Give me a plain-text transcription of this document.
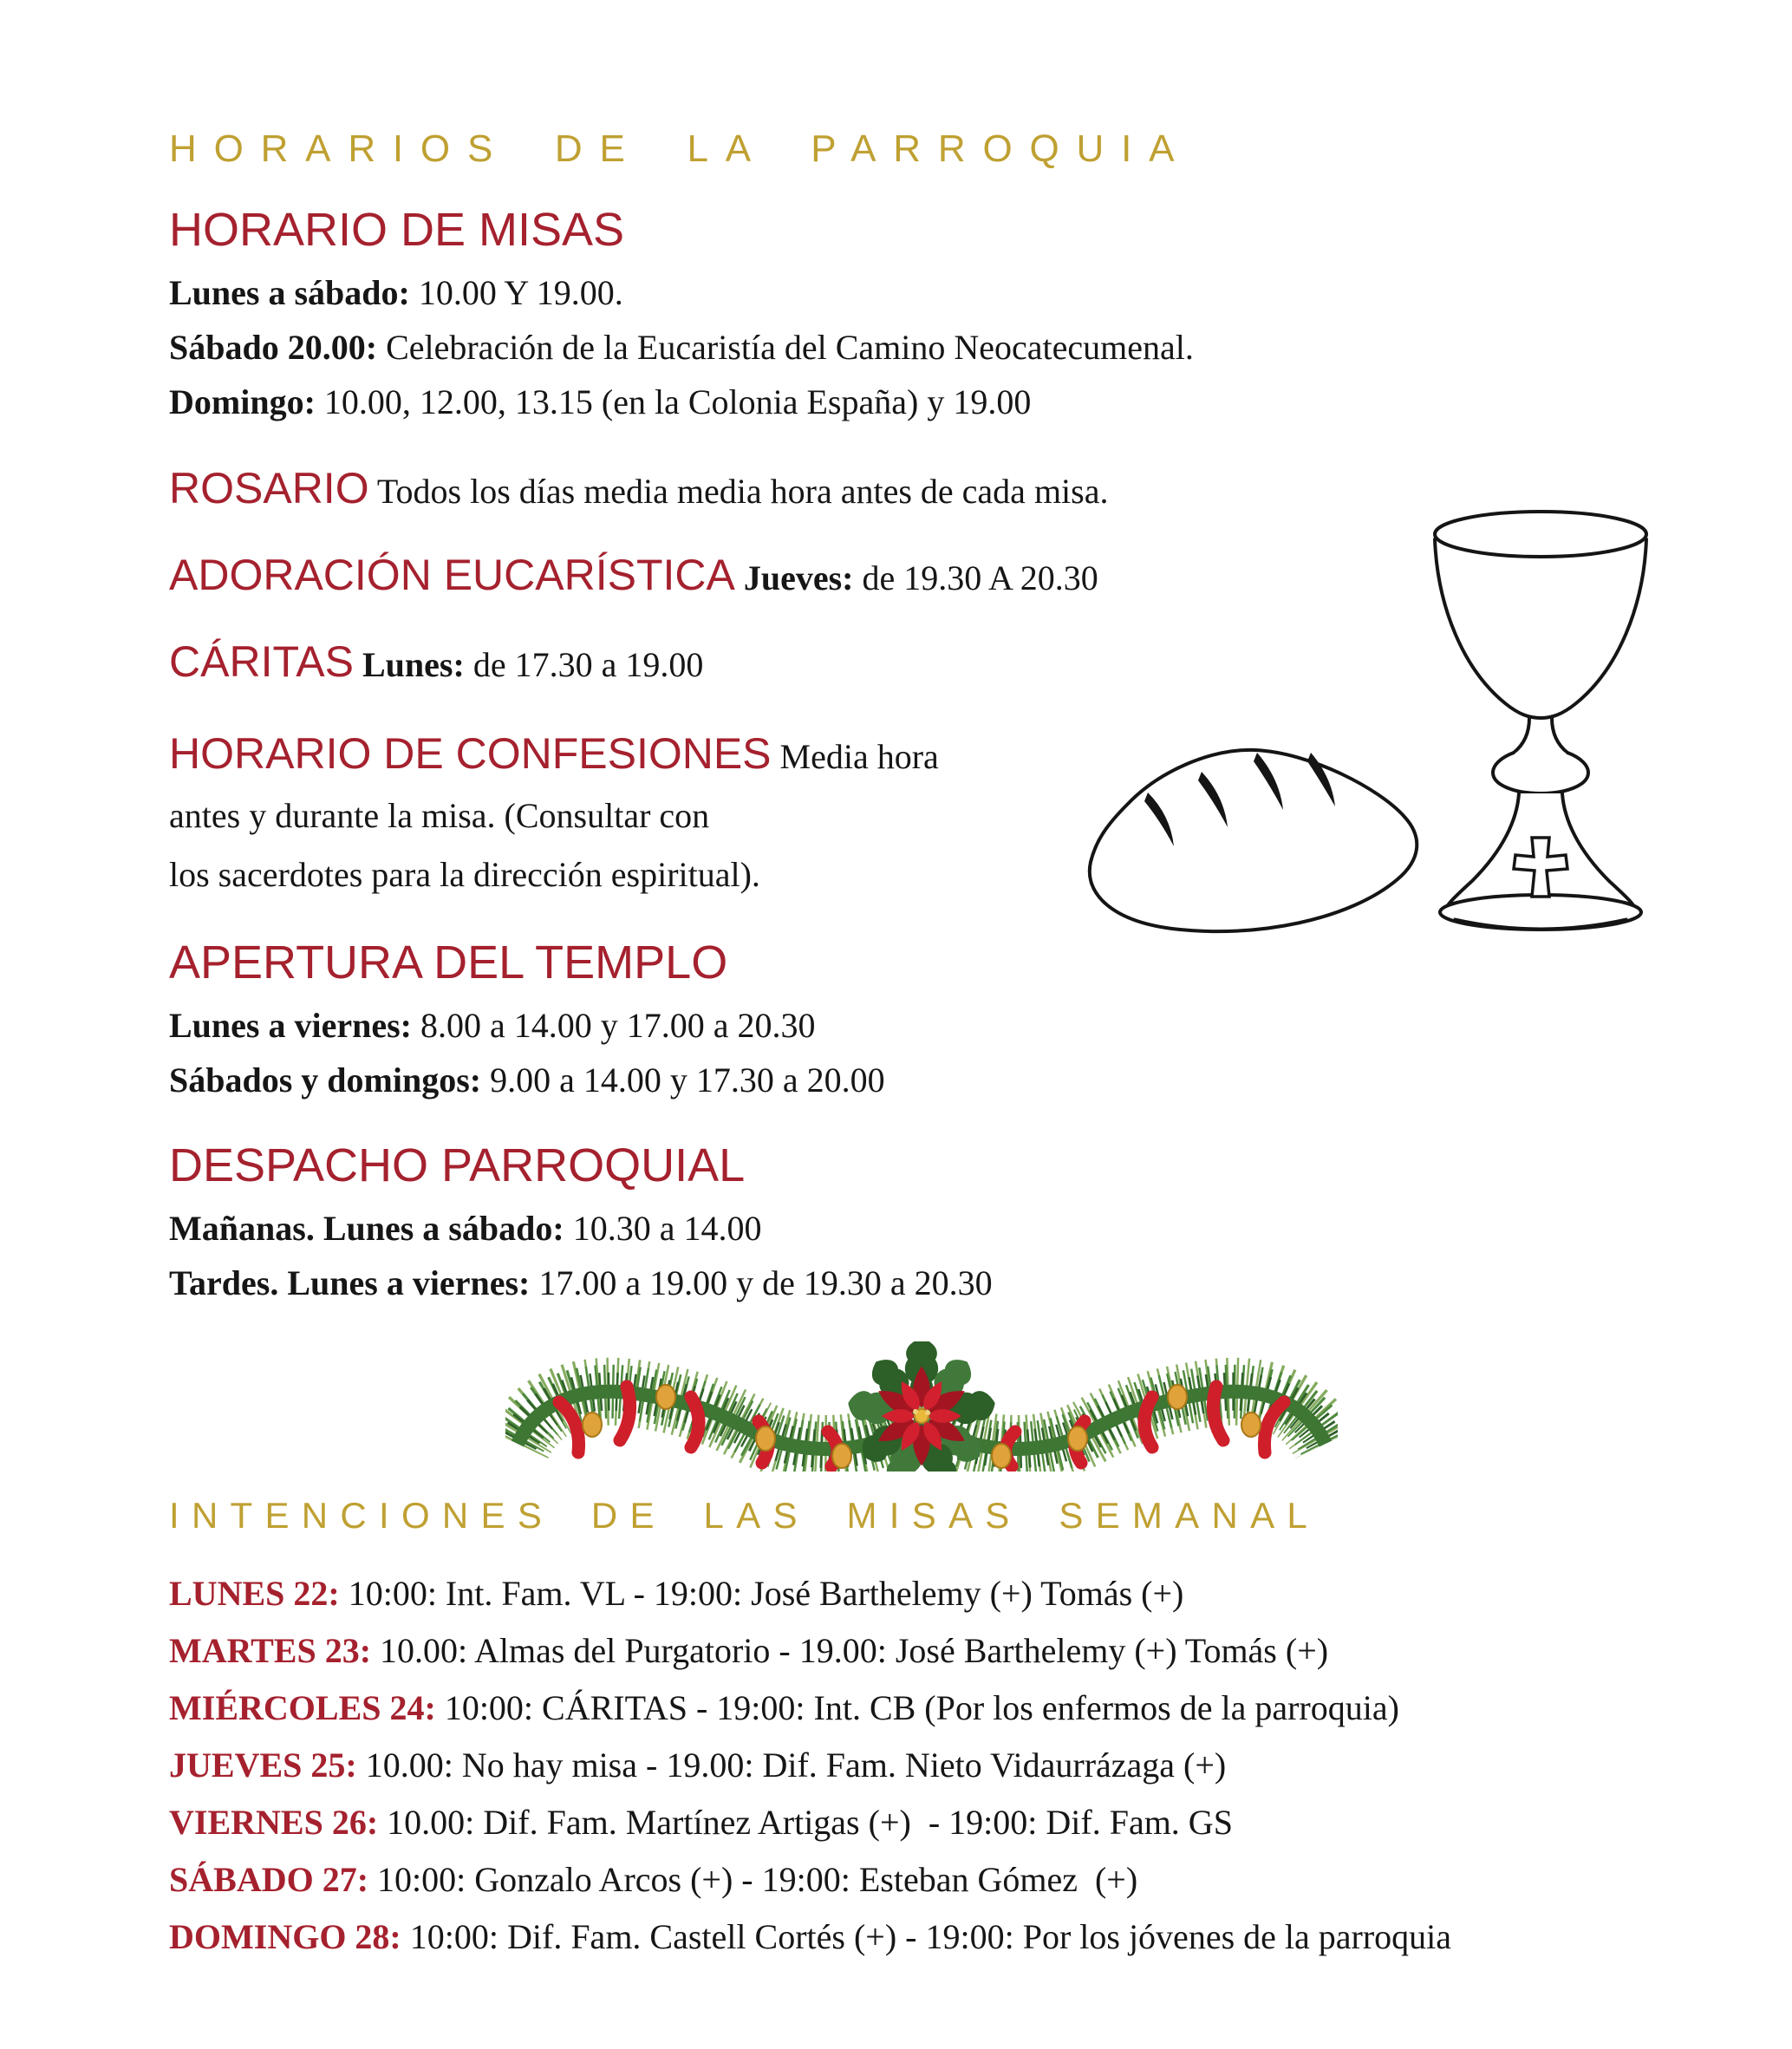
HORARIOS DE LA PARROQUIA
HORARIO DE MISAS
Lunes a sábado: 10.00 Y 19.00.
Sábado 20.00: Celebración de la Eucaristía del Camino Neocatecumenal.
Domingo: 10.00, 12.00, 13.15 (en la Colonia España) y 19.00
ROSARIO Todos los días media media hora antes de cada misa.
ADORACIÓN EUCARÍSTICA Jueves: de 19.30 A 20.30
CÁRITAS Lunes: de 17.30 a 19.00
HORARIO DE CONFESIONES Media hora
antes y durante la misa. (Consultar con
los sacerdotes para la dirección espiritual).
APERTURA DEL TEMPLO
Lunes a viernes: 8.00 a 14.00 y 17.00 a 20.30
Sábados y domingos: 9.00 a 14.00 y 17.30 a 20.00
DESPACHO PARROQUIAL
Mañanas. Lunes a sábado: 10.30 a 14.00
Tardes. Lunes a viernes: 17.00 a 19.00 y de 19.30 a 20.30
INTENCIONES DE LAS MISAS SEMANAL
LUNES 22: 10:00: Int. Fam. VL - 19:00: José Barthelemy (+) Tomás (+)
MARTES 23: 10.00: Almas del Purgatorio - 19.00: José Barthelemy (+) Tomás (+)
MIÉRCOLES 24: 10:00: CÁRITAS - 19:00: Int. CB (Por los enfermos de la parroquia)
JUEVES 25: 10.00: No hay misa - 19.00: Dif. Fam. Nieto Vidaurrázaga (+)
VIERNES 26: 10.00: Dif. Fam. Martínez Artigas (+)  - 19:00: Dif. Fam. GS
SÁBADO 27: 10:00: Gonzalo Arcos (+) - 19:00: Esteban Gómez  (+)
DOMINGO 28: 10:00: Dif. Fam. Castell Cortés (+) - 19:00: Por los jóvenes de la parroquia
